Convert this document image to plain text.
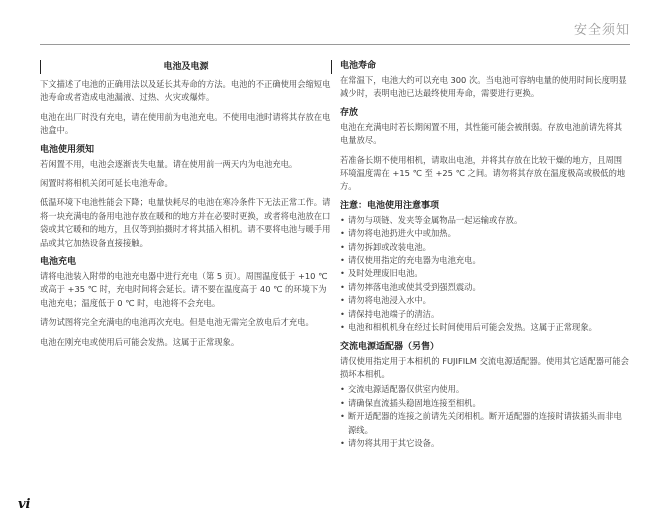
安全须知
电池及电源

下文描述了电池的正确用法以及延长其寿命的方法。电池的不正确使用会缩短电池寿命或者造成电池漏液、过热、火灾或爆炸。

电池在出厂时没有充电，请在使用前为电池充电。不使用电池时请将其存放在电池盒中。

电池使用须知

若闲置不用，电池会逐渐丧失电量。请在使用前一两天内为电池充电。

闲置时将相机关闭可延长电池寿命。

低温环境下电池性能会下降；电量快耗尽的电池在寒冷条件下无法正常工作。请将一块充满电的备用电池存放在暖和的地方并在必要时更换，或者将电池放在口袋或其它暖和的地方，且仅等到拍摄时才将其插入相机。请不要将电池与暖手用品或其它加热设备直接接触。

电池充电

请将电池装入附带的电池充电器中进行充电（第 5 页）。周围温度低于 +10 ℃ 或高于 +35 ℃ 时，充电时间将会延长。请不要在温度高于 40 ℃ 的环境下为电池充电；温度低于 0 ℃ 时，电池将不会充电。

请勿试图将完全充满电的电池再次充电。但是电池无需完全放电后才充电。

电池在刚充电或使用后可能会发热。这属于正常现象。

电池寿命

在常温下，电池大约可以充电 300 次。当电池可容纳电量的使用时间长度明显减少时，表明电池已达最终使用寿命，需要进行更换。

存放

电池在充满电时若长期闲置不用，其性能可能会被削弱。存放电池前请先将其电量放尽。

若准备长期不使用相机，请取出电池，并将其存放在比较干燥的地方，且周围环境温度需在 +15 ℃ 至 +25 ℃ 之间。请勿将其存放在温度极高或极低的地方。

注意：电池使用注意事项
• 请勿与项链、发夹等金属物品一起运输或存放。
• 请勿将电池扔进火中或加热。
• 请勿拆卸或改装电池。
• 请仅使用指定的充电器为电池充电。
• 及时处理废旧电池。
• 请勿摔落电池或使其受到强烈震动。
• 请勿将电池浸入水中。
• 请保持电池端子的清洁。
• 电池和相机机身在经过长时间使用后可能会发热。这属于正常现象。
交流电源适配器（另售）

请仅使用指定用于本相机的 FUJIFILM 交流电源适配器。使用其它适配器可能会损坏本相机。

• 交流电源适配器仅供室内使用。
• 请确保直流插头稳固地连接至相机。
• 断开适配器的连接之前请先关闭相机。断开适配器的连接时请拔插头而非电源线。
• 请勿将其用于其它设备。
vi
